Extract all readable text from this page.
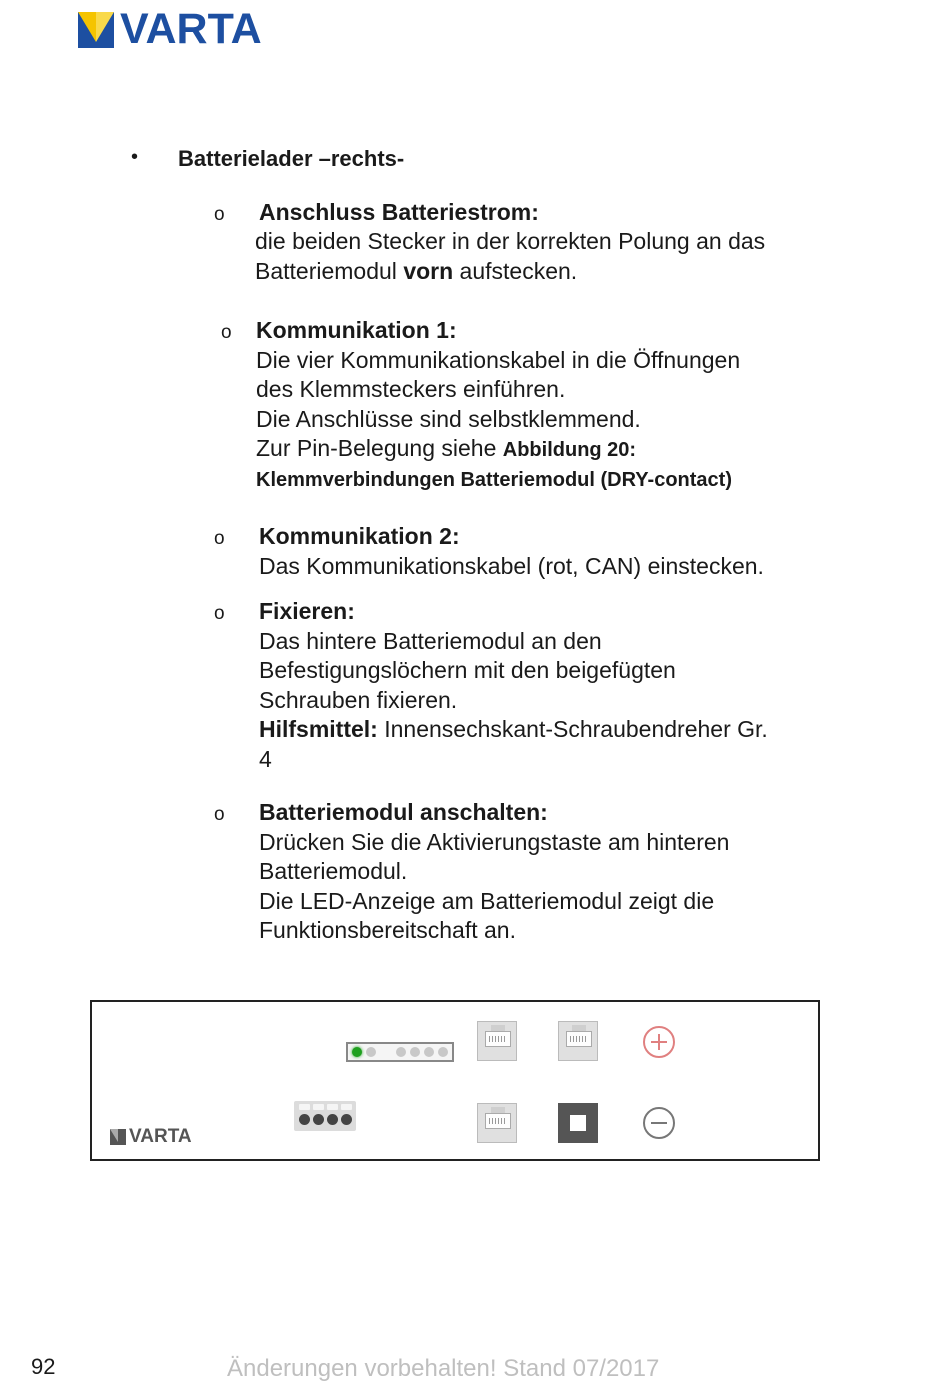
VARTA
• Batterielader –rechts-
o Anschluss Batteriestrom:
die beiden Stecker in der korrekten Polung an das
Batteriemodul vorn aufstecken.
o Kommunikation 1:
Die vier Kommunikationskabel in die Öffnungen
des Klemmsteckers einführen.
Die Anschlüsse sind selbstklemmend.
Zur Pin-Belegung siehe Abbildung 20:
Klemmverbindungen Batteriemodul (DRY-contact)
o Kommunikation 2:
Das Kommunikationskabel (rot, CAN) einstecken.
o Fixieren:
Das hintere Batteriemodul an den
Befestigungslöchern mit den beigefügten
Schrauben fixieren.
Hilfsmittel: Innensechskant-Schraubendreher Gr.
4
o Batteriemodul anschalten:
Drücken Sie die Aktivierungstaste am hinteren
Batteriemodul.
Die LED-Anzeige am Batteriemodul zeigt die
Funktionsbereitschaft an.
VARTA
92	Änderungen vorbehalten! Stand 07/2017
